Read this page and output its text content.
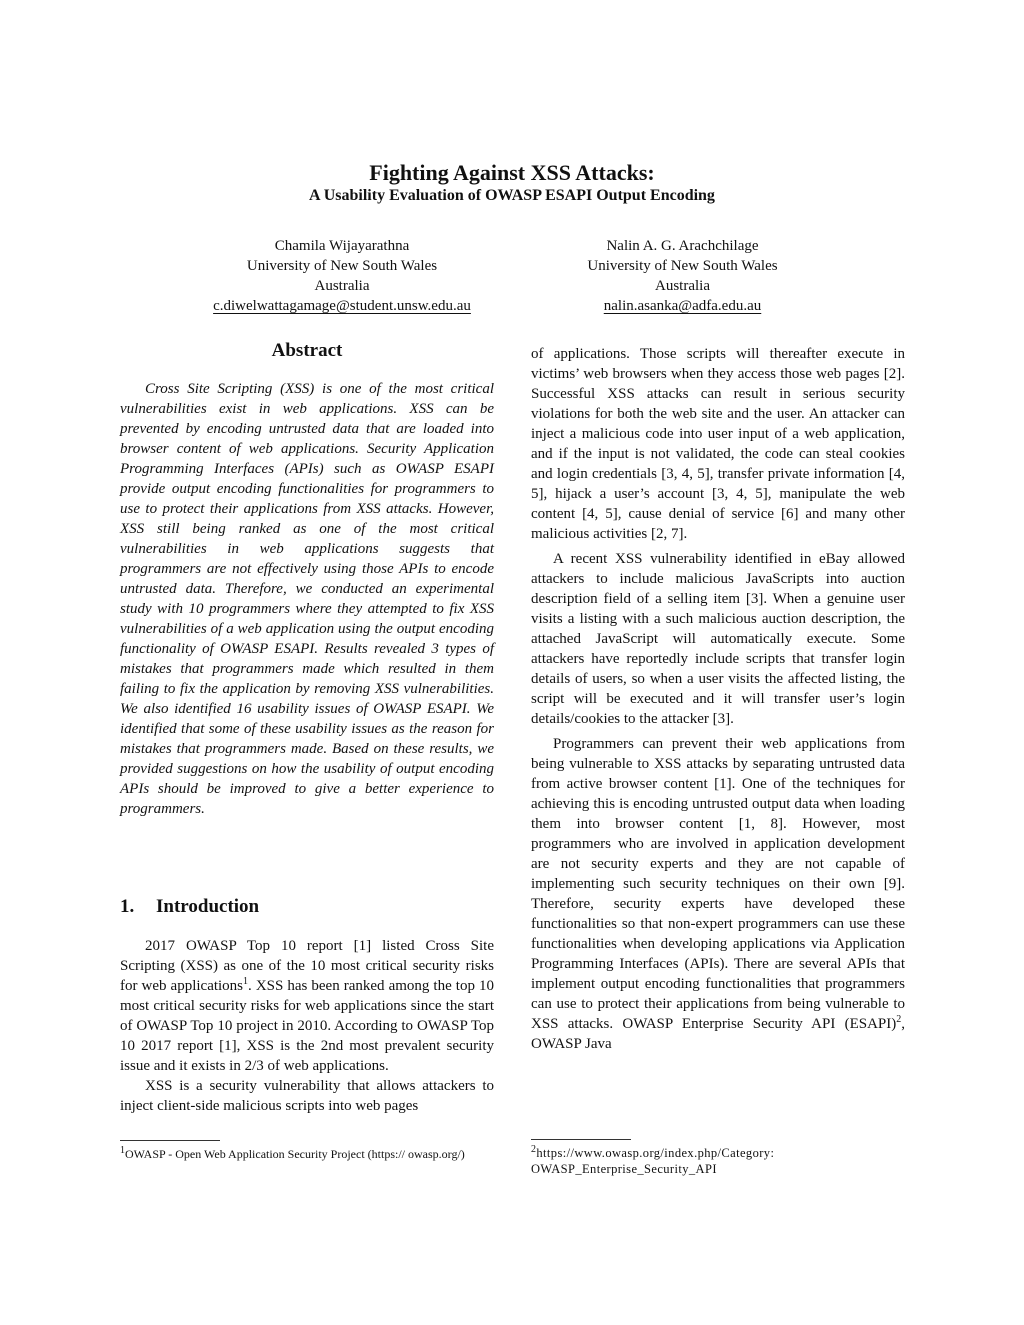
Fighting Against XSS Attacks:
A Usability Evaluation of OWASP ESAPI Output Encoding
Chamila Wijayarathna
University of New South Wales
Australia
c.diwelwattagamage@student.unsw.edu.au
Nalin A. G. Arachchilage
University of New South Wales
Australia
nalin.asanka@adfa.edu.au
Abstract

Cross Site Scripting (XSS) is one of the most critical vulnerabilities exist in web applications. XSS can be prevented by encoding untrusted data that are loaded into browser content of web applications. Security Application Programming Interfaces (APIs) such as OWASP ESAPI provide output encoding functionalities for programmers to use to protect their applications from XSS attacks. However, XSS still being ranked as one of the most critical vulnerabilities in web applications suggests that programmers are not effectively using those APIs to encode untrusted data. Therefore, we conducted an experimental study with 10 programmers where they attempted to fix XSS vulnerabilities of a web application using the output encoding functionality of OWASP ESAPI. Results revealed 3 types of mistakes that programmers made which resulted in them failing to fix the application by removing XSS vulnerabilities. We also identified 16 usability issues of OWASP ESAPI. We identified that some of these usability issues as the reason for mistakes that programmers made. Based on these results, we provided suggestions on how the usability of output encoding APIs should be improved to give a better experience to programmers.

1. Introduction

2017 OWASP Top 10 report [1] listed Cross Site Scripting (XSS) as one of the 10 most critical security risks for web applications$^1$. XSS has been ranked among the top 10 most critical security risks for web applications since the start of OWASP Top 10 project in 2010. According to OWASP Top 10 2017 report [1], XSS is the 2nd most prevalent security issue and it exists in 2/3 of web applications.

XSS is a security vulnerability that allows attackers to inject client-side malicious scripts into web pages

of applications. Those scripts will thereafter execute in victims’ web browsers when they access those web pages [2]. Successful XSS attacks can result in serious security violations for both the web site and the user. An attacker can inject a malicious code into user input of a web application, and if the input is not validated, the code can steal cookies and login credentials [3, 4, 5], transfer private information [4, 5], hijack a user’s account [3, 4, 5], manipulate the web content [4, 5], cause denial of service [6] and many other malicious activities [2, 7].

A recent XSS vulnerability identified in eBay allowed attackers to include malicious JavaScripts into auction description field of a selling item [3]. When a genuine user visits a listing with a such malicious auction description, the attached JavaScript will automatically execute. Some attackers have reportedly include scripts that transfer login details of users, so when a user visits the affected listing, the script will be executed and it will transfer user’s login details/cookies to the attacker [3].

Programmers can prevent their web applications from being vulnerable to XSS attacks by separating untrusted data from active browser content [1]. One of the techniques for achieving this is encoding untrusted output data when loading them into browser content [1, 8]. However, most programmers who are involved in application development are not security experts and they are not capable of implementing such security techniques on their own [9]. Therefore, security experts have developed these functionalities so that non-expert programmers can use these functionalities when developing applications via Application Programming Interfaces (APIs). There are several APIs that implement output encoding functionalities that programmers can use to protect their applications from being vulnerable to XSS attacks. OWASP Enterprise Security API (ESAPI)$^2$, OWASP Java

$^1$OWASP - Open Web Application Security Project (https:// owasp.org/)	$^2$https://www.owasp.org/index.php/Category: OWASP_Enterprise_Security_API
